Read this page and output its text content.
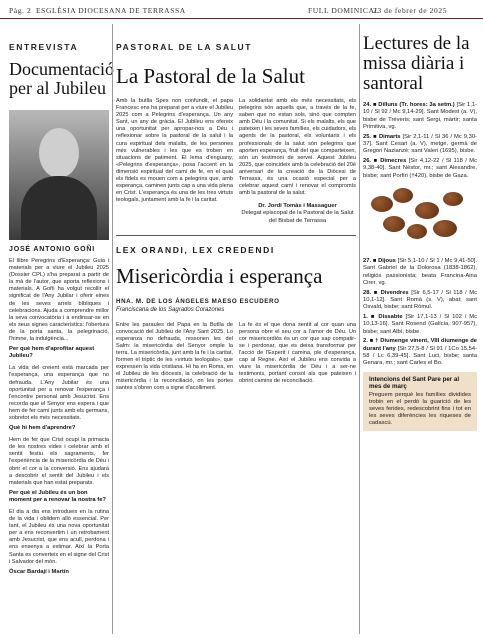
Pàg. 2 ESGLÉSIA DIOCESANA DE TERRASSA	FULL DOMINICAL
23 de febrer de 2025
ENTREVISTA
Documentació per al Jubileu
JOSÉ ANTONIO GOÑI
El llibre Peregrins d'Esperança: Guia i materials per a viure el Jubileu 2025 (Dossier CPL) s'ha preparat a partir de la mà de l'autor, que aporta reflexions i materials. A Goñi ha volgut recollir el significat de l'Any Jubilar i oferir eines de les seves arrels bíbliques i celebracions. Ajuda a comprendre millor la seva convocatòria i a endinsar-se en els seus signes característics: l'obertura de la porta santa, la pelegrinació, l'himne, la indulgència...
Per què hem d'aprofitar aquest Jubileu?
La vida del creient està marcada per l'esperança, una esperança que no defrauda. L'Any Jubilar és una oportunitat per a renovar l'esperança i l'encontre personal amb Jesucrist. Ens recorda que el Senyor ens espera i que hem de fer camí junts amb els germans, sobretot els més necessitats.
Què hi hem d'aprendre?
Hem de fer que Crist ocupi la primacia de les nostres vides i celebrar amb el sentit festiu els sagraments, fer l'experiència de la misericòrdia de Déu i obrir el cor a la conversió. Ens ajudarà a descobrir el sentit del Jubileu i els materials que han estat preparats.
Per què el Jubileu és un bon moment per a renovar la nostra fe?
El dia a dia ens introdueix en la rutina de la vida i oblidem allò essencial. Per tant, el Jubileu és una nova oportunitat per a ens reconvertim i un retrobament amb Jesucrist, que ens acull, perdona i ens ensenya a estimar. Així la Porta Santa es converteix en el signe del Crist i Salvador del món.
Òscar Bardají i Martín
PASTORAL DE LA SALUT
La Pastoral de la Salut
Amb la butlla Spes non confundit, el papa Francesc ens ha preparat per a viure el Jubileu 2025 com a Pelegrins d'esperança. Un any Sant, un any de gràcia. El Jubileu ens ofereix una oportunitat per apropar-nos a Déu i reflexionar sobre la pastoral de la salut i la cura espiritual dels malalts, de les persones més vulnerables i les que es troben en situacions de patiment. El lema d'enguany, «Pelegrins d'esperança», posa l'accent en la dimensió espiritual del camí de fe, en el qual els fidels es mouen com a pelegrins que, amb esperança, caminen junts cap a una vida plena en Crist. L'esperança és una de les tres virtuts teologals, juntament amb la fe i la caritat.
La solidaritat amb els més necessitats, els pelegrins són aquells que, a través de la fe, saben que no estan sols, sinó que compten amb Déu i la comunitat. Si els malalts, els que pateixen i les seves famílies, els cuidadors, els agents de la pastoral, els voluntaris i els professionals de la salut són pelegrins que aporten esperança, fruit del que comparteixen, són un testimoni de servei. Aquest Jubileu 2025, que coincideix amb la celebració del 20è aniversari de la creació de la Diòcesi de Terrassa, és una ocasió especial per a celebrar aquest camí i renovar el compromís amb la pastoral de la salut.
Dr. Jordi Tomàs i Massaguer
Delegat episcopal de la Pastoral de la Salut del Bisbat de Terrassa
LEX ORANDI, LEX CREDENDI
Misericòrdia i esperança
HNA. M. DE LOS ÁNGELES MAESO ESCUDERO
Franciscana de los Sagrados Corazones
Entre les paraules del Papa en la Butlla de convocació del Jubileu de l'Any Sant 2025, Lo esperanza no defrauda, ressonen les del Salm: la misericòrdia del Senyor omple la terra. La misericòrdia, junt amb la fe i la caritat, formen el triptic de les «virtuts teologals», que expressen la vida cristiana. Hi ha en Roma, en el Jubileu de les diòcesis, la celebració de la misericòrdia i la reconciliació, on les portes santes s'obren com a signe d'acolliment.
La fe és el que dona sentit al cor quan una persona obre el seu cor a l'amor de Déu. Un cor misericordiós és un cor que sap compatir-se i perdonar, que es deixa transformar per l'acció de l'Esperit i camina, ple d'esperança, cap al Regne. Així el Jubileu ens convida a viure la misericòrdia de Déu i a ser-ne testimonis, portant consol als que pateixen i obrint camins de reconciliació.
Lectures de la missa diària i santoral
24. ■ Dilluns (Tr. hores: 3a setm.) [Sir 1,1-10 / Sl 92 / Mc 9,14-29]. Sant Modest (a. V), bisbe de Tréveris; sant Sergi, màrtir; santa Primitiva, vg.
25. ■ Dimarts [Sir 2,1-11 / Sl 36 / Mc 9,30-37]. Sant Cesari (a. V), metge, germà de Gregori Nazianzè; sant Valeri (1695), bisbe.
26. ■ Dimecres [Sir 4,12-22 / Sl 118 / Mc 9,38-40]. Sant Nèstor, mr.; sant Alexandre, bisbe; sant Porfiri (†420), bisbe de Gaza.
27. ■ Dijous [Sir 5,1-10 / Sl 1 / Mc 9,41-50]. Sant Gabriel de la Dolorosa (1838-1862), religiós passionista; beata Francina-Aina Cirer, vg.
28. ■ Divendres [Sir 6,5-17 / Sl 118 / Mc 10,1-12]. Sant Romà (s. V), abat; sant Osvald, bisbe; sant Ròmul.
1. ■ Dissabte [Sir 17,1-13 / Sl 102 / Mc 10,13-16]. Sant Rosend (Galícia, 907-957), bisbe; sant Albí, bisbe.
2. ■ † Diumenge vinent, VIII diumenge de durant l'any [Sir 27,5-8 / Sl 91 / 1Co 15,54-58 / Lc 6,39-45]. Sant Luci, bisbe; santa Genara, mr.; sant Carles el Bo.
Intencions del Sant Pare per al mes de març
Preguem perquè les famílies dividides trobin en el perdó la guarició de les seves ferides, redescobrint fins i tot en les seves diferències les riqueses de cadascú.
